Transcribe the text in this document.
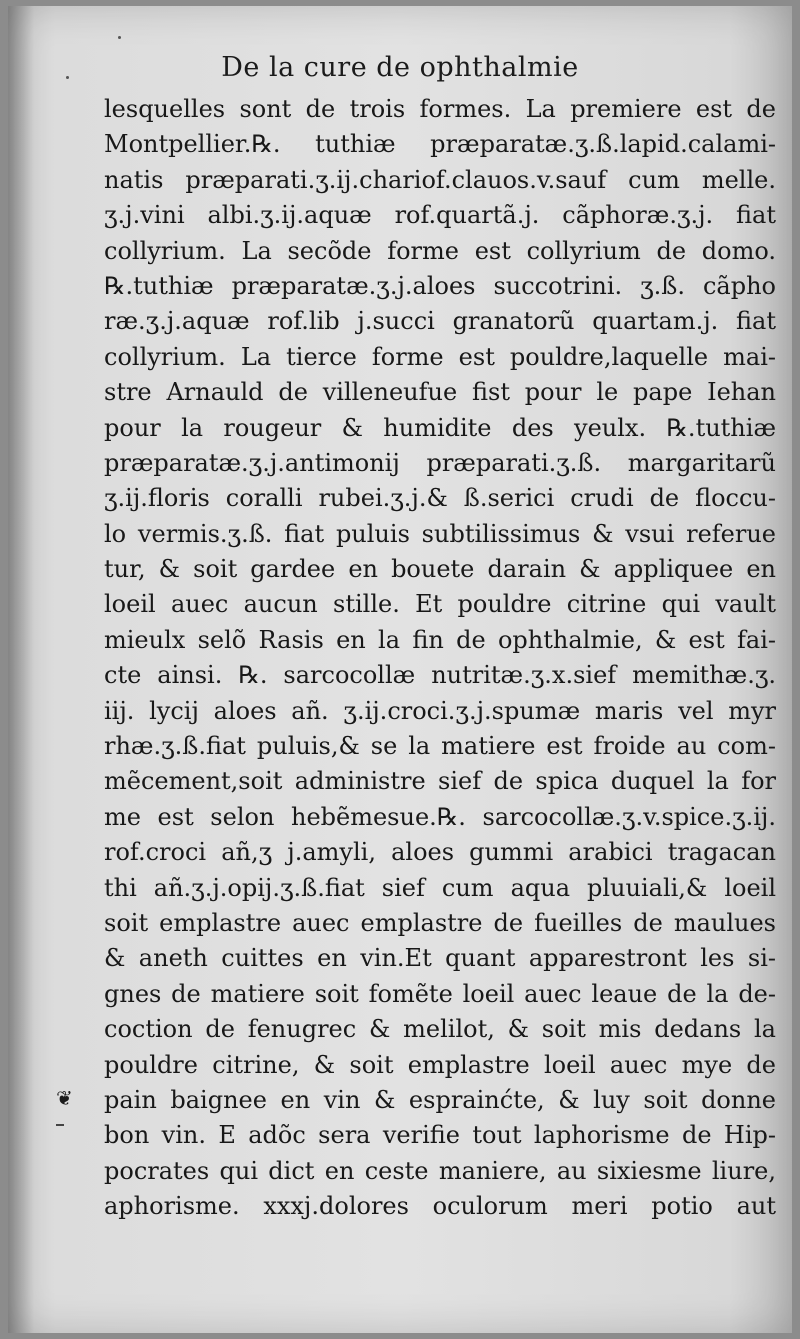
De la cure de ophthalmie
lesquelles sont de trois formes. La premiere est de
Montpellier.℞. tuthiæ præparatæ.ʒ.ß.lapid.calami-
natis præparati.ʒ.ij.chariof.clauos.v.sauf cum melle.
ʒ.j.vini albi.ʒ.ij.aquæ rof.quartã.j. cãphoræ.ʒ.j. fiat
collyrium. La secõde forme est collyrium de domo.
℞.tuthiæ præparatæ.ʒ.j.aloes succotrini. ʒ.ß. cãpho
ræ.ʒ.j.aquæ rof.lib j.succi granatorũ quartam.j. fiat
collyrium. La tierce forme est pouldre,laquelle mai-
stre Arnauld de villeneufue fist pour le pape Iehan
pour la rougeur & humidite des yeulx. ℞.tuthiæ
præparatæ.ʒ.j.antimonij præparati.ʒ.ß. margaritarũ
ʒ.ij.floris coralli rubei.ʒ.j.& ß.serici crudi de floccu-
lo vermis.ʒ.ß. fiat puluis subtilissimus & vsui referue
tur, & soit gardee en bouete darain & appliquee en
loeil auec aucun stille. Et pouldre citrine qui vault
mieulx selõ Rasis en la fin de ophthalmie, & est fai-
cte ainsi. ℞. sarcocollæ nutritæ.ʒ.x.sief memithæ.ʒ.
iij. lycij aloes añ. ʒ.ij.croci.ʒ.j.spumæ maris vel myr
rhæ.ʒ.ß.fiat puluis,& se la matiere est froide au com-
mẽcement,soit administre sief de spica duquel la for
me est selon hebẽmesue.℞. sarcocollæ.ʒ.v.spice.ʒ.ij.
rof.croci añ,ʒ j.amyli, aloes gummi arabici tragacan
thi añ.ʒ.j.opij.ʒ.ß.fiat sief cum aqua pluuiali,& loeil
soit emplastre auec emplastre de fueilles de maulues
& aneth cuittes en vin.Et quant apparestront les si-
gnes de matiere soit fomẽte loeil auec leaue de la de-
coction de fenugrec & melilot, & soit mis dedans la
pouldre citrine, & soit emplastre loeil auec mye de
pain baignee en vin & esprainćte, & luy soit donne
bon vin. E adõc sera verifie tout laphorisme de Hip-
pocrates qui dict en ceste maniere, au sixiesme liure,
aphorisme. xxxj.dolores oculorum meri potio aut
❦
